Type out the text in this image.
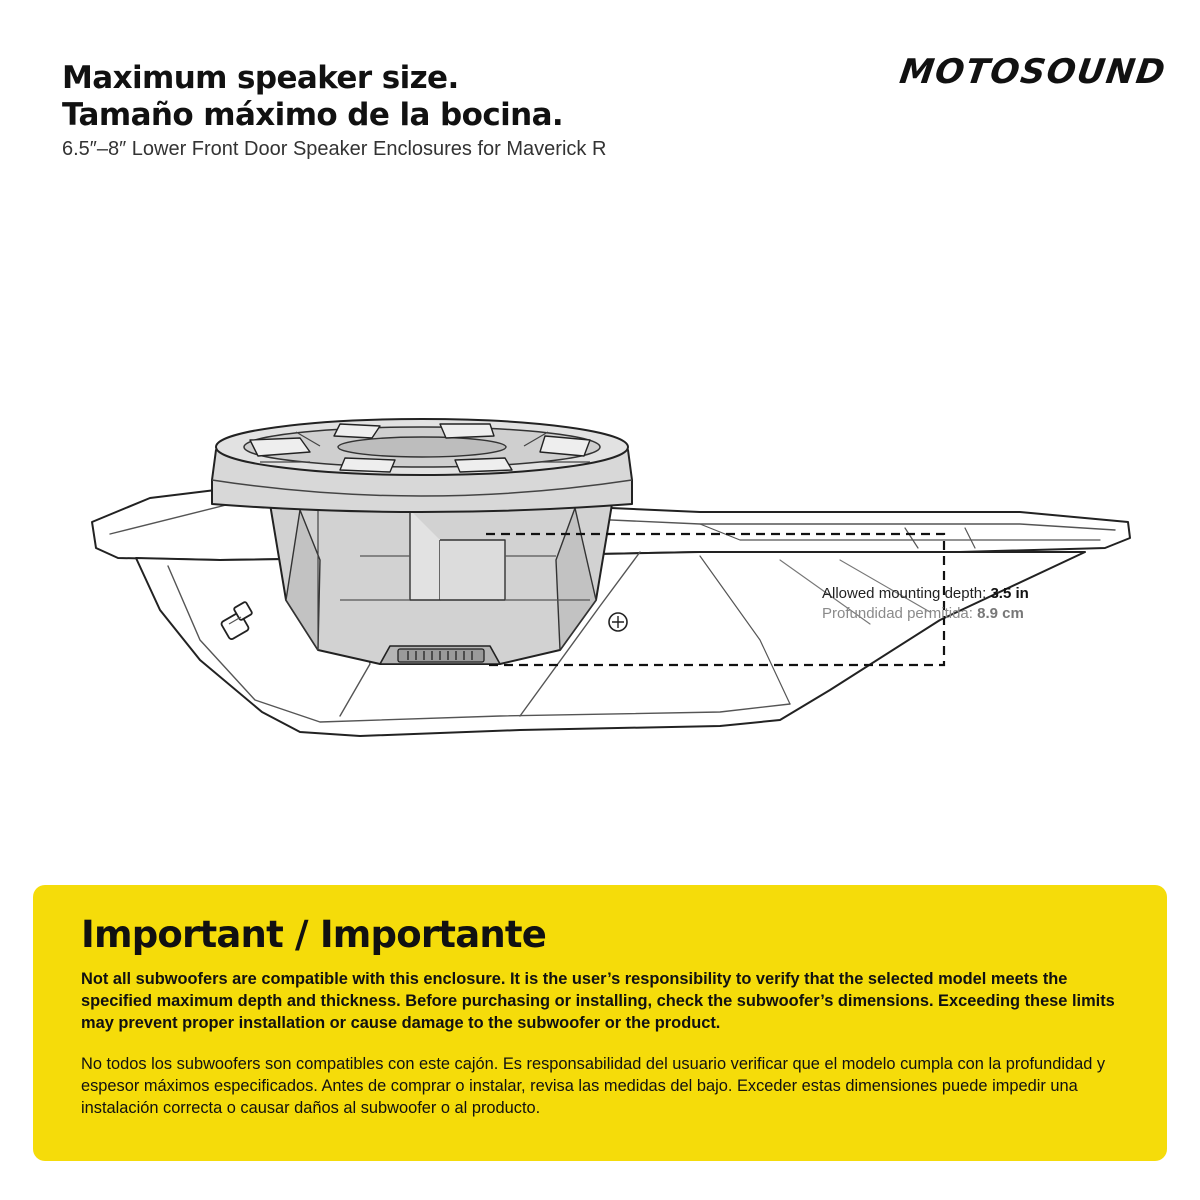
Maximum speaker size.
Tamaño máximo de la bocina.
6.5″–8″ Lower Front Door Speaker Enclosures for Maverick R
MOTOSOUND
Allowed mounting depth: 3.5 in
Profundidad permitida: 8.9 cm
Important / Importante

Not all subwoofers are compatible with this enclosure. It is the user’s responsibility to verify that the selected model meets the specified maximum depth and thickness. Before purchasing or installing, check the subwoofer’s dimensions. Exceeding these limits may prevent proper installation or cause damage to the subwoofer or the product.

No todos los subwoofers son compatibles con este cajón. Es responsabilidad del usuario verificar que el modelo cumpla con la profundidad y espesor máximos especificados. Antes de comprar o instalar, revisa las medidas del bajo. Exceder estas dimensiones puede impedir una instalación correcta o causar daños al subwoofer o al producto.
